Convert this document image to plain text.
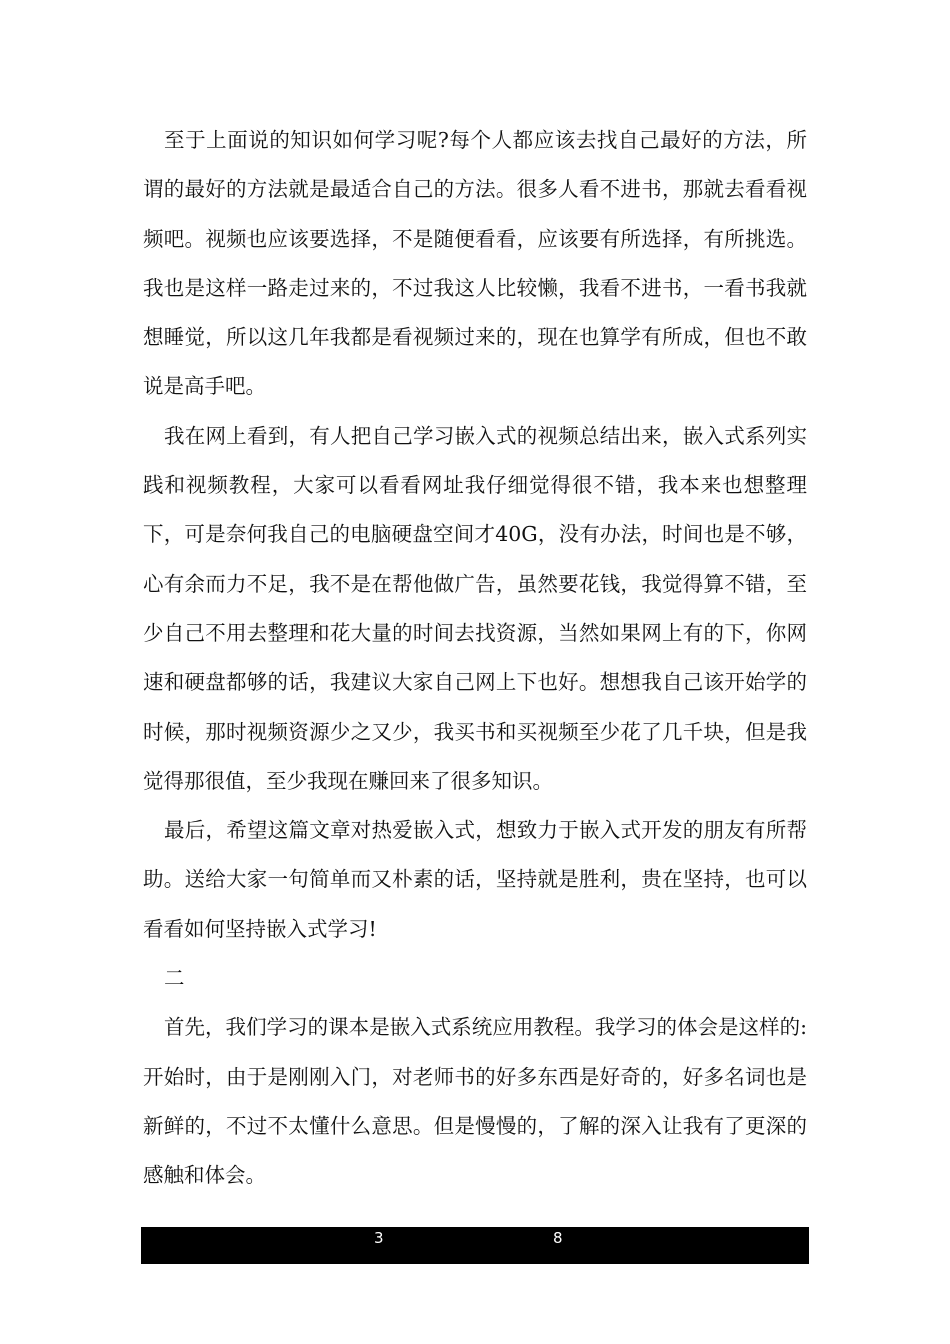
至于上面说的知识如何学习呢?每个人都应该去找自己最好的方法，所谓的最好的方法就是最适合自己的方法。很多人看不进书，那就去看看视频吧。视频也应该要选择，不是随便看看，应该要有所选择，有所挑选。我也是这样一路走过来的，不过我这人比较懒，我看不进书，一看书我就想睡觉，所以这几年我都是看视频过来的，现在也算学有所成，但也不敢说是高手吧。

我在网上看到，有人把自己学习嵌入式的视频总结出来，嵌入式系列实践和视频教程，大家可以看看网址我仔细觉得很不错，我本来也想整理下，可是奈何我自己的电脑硬盘空间才40G，没有办法，时间也是不够，心有余而力不足，我不是在帮他做广告，虽然要花钱，我觉得算不错，至少自己不用去整理和花大量的时间去找资源，当然如果网上有的下，你网速和硬盘都够的话，我建议大家自己网上下也好。想想我自己该开始学的时候，那时视频资源少之又少，我买书和买视频至少花了几千块，但是我觉得那很值，至少我现在赚回来了很多知识。

最后，希望这篇文章对热爱嵌入式，想致力于嵌入式开发的朋友有所帮助。送给大家一句简单而又朴素的话，坚持就是胜利，贵在坚持，也可以看看如何坚持嵌入式学习!

二

首先，我们学习的课本是嵌入式系统应用教程。我学习的体会是这样的:开始时，由于是刚刚入门，对老师书的好多东西是好奇的，好多名词也是新鲜的，不过不太懂什么意思。但是慢慢的，了解的深入让我有了更深的感触和体会。

3	8
